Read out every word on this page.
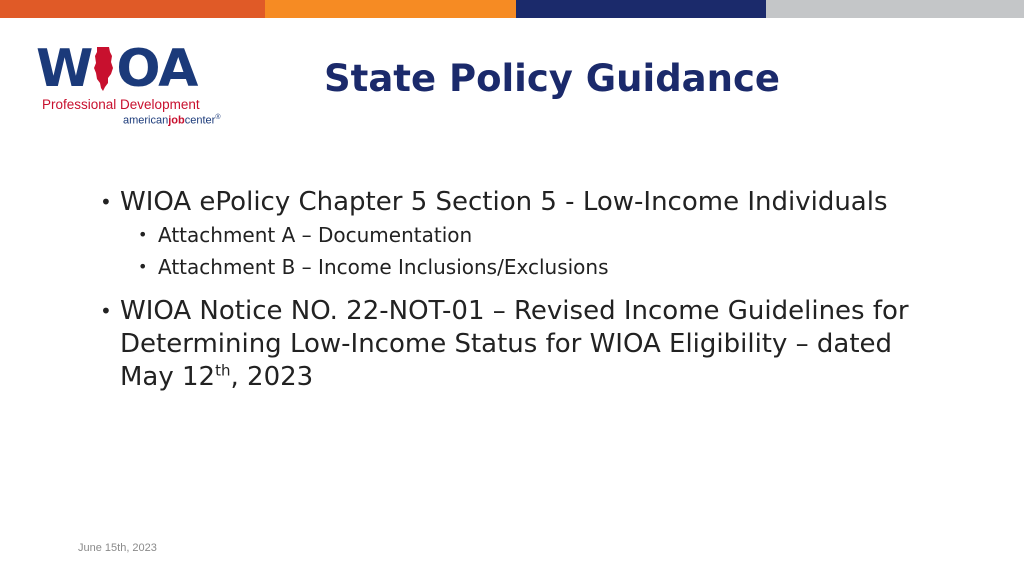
W OA
Professional Development
americanjobcenter®
State Policy Guidance
• WIOA ePolicy Chapter 5 Section 5 - Low-Income Individuals
• Attachment A – Documentation
• Attachment B – Income Inclusions/Exclusions
• WIOA Notice NO. 22-NOT-01 – Revised Income Guidelines for Determining Low-Income Status for WIOA Eligibility – dated May 12th, 2023
June 15th, 2023
